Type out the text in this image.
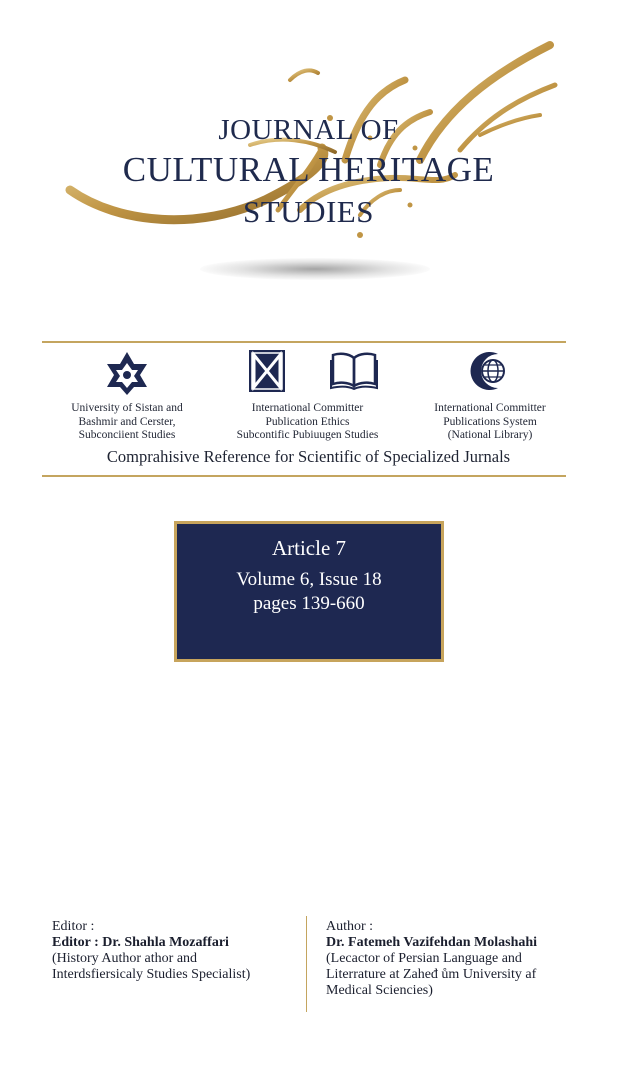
JOURNAL OF
CULTURAL HERITAGE
STUDIES
University of Sistan and
Bashmir and Cerster,
Subconciient Studies
International Committer
Publication Ethics
Subcontific Pubiuugen Studies
International Committer
Publications System
(National Library)
Comprahisive Reference for Scientific of Specialized Jurnals
Article 7
Volume 6, Issue 18
pages 139-660
Editor :
Editor : Dr. Shahla Mozaffari
(History Author athor and
Interdsfiersicaly Studies Specialist)
Author :
Dr. Fatemeh Vazifehdan Molashahi
(Lecactor of Persian Language and
Literrature at Zaheđ ům University af
Medical Sciencies)
